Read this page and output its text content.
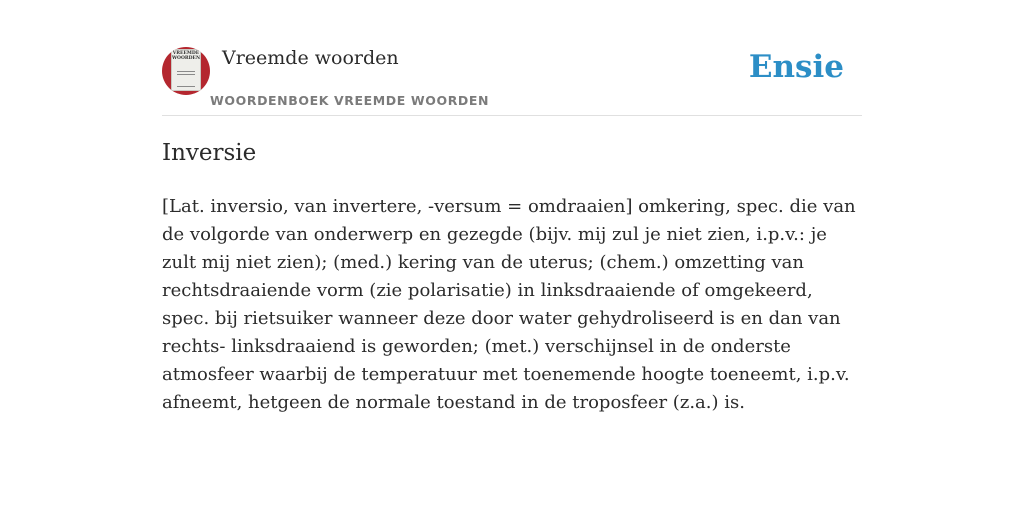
VREEMDE WOORDEN Vreemde woorden
WOORDENBOEK VREEMDE WOORDEN
Ensie
Inversie

[Lat. inversio, van invertere, -versum = omdraaien] omkering, spec. die van de volgorde van onderwerp en gezegde (bijv. mij zul je niet zien, i.p.v.: je zult mij niet zien); (med.) kering van de uterus; (chem.) omzetting van rechtsdraaiende vorm (zie polarisatie) in linksdraaiende of omgekeerd, spec. bij rietsuiker wanneer deze door water gehydroliseerd is en dan van rechts- linksdraaiend is geworden; (met.) verschijnsel in de onderste atmosfeer waarbij de temperatuur met toenemende hoogte toeneemt, i.p.v. afneemt, hetgeen de normale toestand in de troposfeer (z.a.) is.
